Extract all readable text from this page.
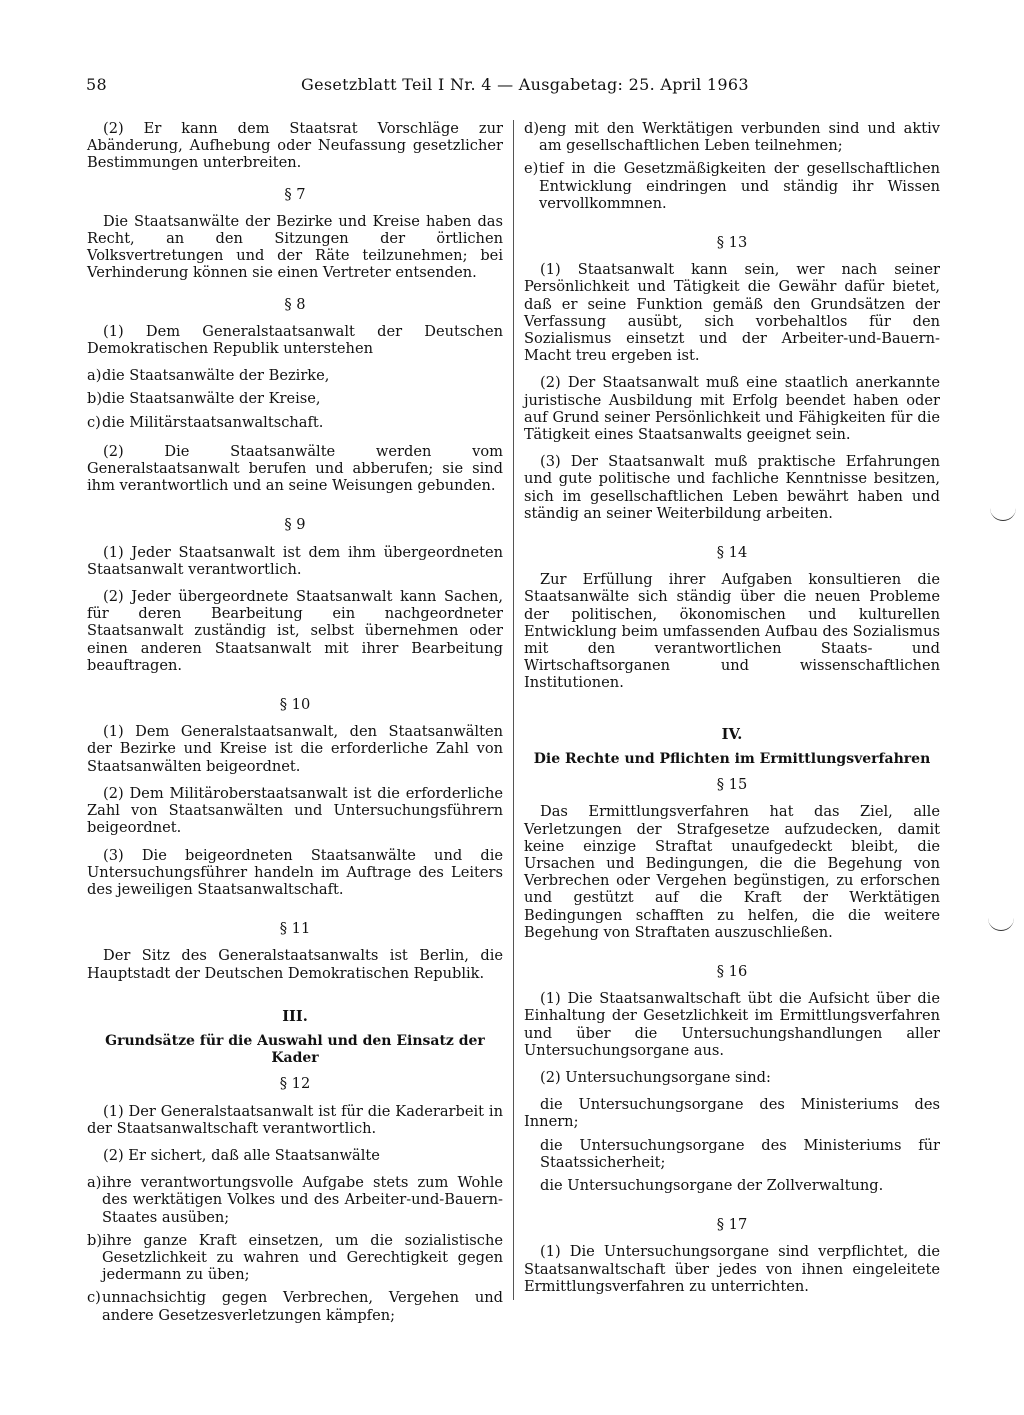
58	Gesetzblatt Teil I Nr. 4 — Ausgabetag: 25. April 1963

(2) Er kann dem Staatsrat Vorschläge zur Abänderung, Aufhebung oder Neufassung gesetzlicher Bestimmungen unterbreiten.

§ 7

Die Staatsanwälte der Bezirke und Kreise haben das Recht, an den Sitzungen der örtlichen Volksvertretungen und der Räte teilzunehmen; bei Verhinderung können sie einen Vertreter entsenden.

§ 8

(1) Dem Generalstaatsanwalt der Deutschen Demokratischen Republik unterstehen

a) die Staatsanwälte der Bezirke,
b) die Staatsanwälte der Kreise,
c) die Militärstaatsanwaltschaft.

(2) Die Staatsanwälte werden vom Generalstaatsanwalt berufen und abberufen; sie sind ihm verantwortlich und an seine Weisungen gebunden.

§ 9

(1) Jeder Staatsanwalt ist dem ihm übergeordneten Staatsanwalt verantwortlich.

(2) Jeder übergeordnete Staatsanwalt kann Sachen, für deren Bearbeitung ein nachgeordneter Staatsanwalt zuständig ist, selbst übernehmen oder einen anderen Staatsanwalt mit ihrer Bearbeitung beauftragen.

§ 10

(1) Dem Generalstaatsanwalt, den Staatsanwälten der Bezirke und Kreise ist die erforderliche Zahl von Staatsanwälten beigeordnet.

(2) Dem Militäroberstaatsanwalt ist die erforderliche Zahl von Staatsanwälten und Untersuchungsführern beigeordnet.

(3) Die beigeordneten Staatsanwälte und die Untersuchungsführer handeln im Auftrage des Leiters des jeweiligen Staatsanwaltschaft.

§ 11

Der Sitz des Generalstaatsanwalts ist Berlin, die Hauptstadt der Deutschen Demokratischen Republik.

III.
Grundsätze für die Auswahl und den Einsatz der Kader
§ 12

(1) Der Generalstaatsanwalt ist für die Kaderarbeit in der Staatsanwaltschaft verantwortlich.

(2) Er sichert, daß alle Staatsanwälte

a) ihre verantwortungsvolle Aufgabe stets zum Wohle des werktätigen Volkes und des Arbeiter-und-Bauern-Staates ausüben;
b) ihre ganze Kraft einsetzen, um die sozialistische Gesetzlichkeit zu wahren und Gerechtigkeit gegen jedermann zu üben;
c) unnachsichtig gegen Verbrechen, Vergehen und andere Gesetzesverletzungen kämpfen;
d) eng mit den Werktätigen verbunden sind und aktiv am gesellschaftlichen Leben teilnehmen;
e) tief in die Gesetzmäßigkeiten der gesellschaftlichen Entwicklung eindringen und ständig ihr Wissen vervollkommnen.
§ 13

(1) Staatsanwalt kann sein, wer nach seiner Persönlichkeit und Tätigkeit die Gewähr dafür bietet, daß er seine Funktion gemäß den Grundsätzen der Verfassung ausübt, sich vorbehaltlos für den Sozialismus einsetzt und der Arbeiter-und-Bauern-Macht treu ergeben ist.

(2) Der Staatsanwalt muß eine staatlich anerkannte juristische Ausbildung mit Erfolg beendet haben oder auf Grund seiner Persönlichkeit und Fähigkeiten für die Tätigkeit eines Staatsanwalts geeignet sein.

(3) Der Staatsanwalt muß praktische Erfahrungen und gute politische und fachliche Kenntnisse besitzen, sich im gesellschaftlichen Leben bewährt haben und ständig an seiner Weiterbildung arbeiten.

§ 14

Zur Erfüllung ihrer Aufgaben konsultieren die Staatsanwälte sich ständig über die neuen Probleme der politischen, ökonomischen und kulturellen Entwicklung beim umfassenden Aufbau des Sozialismus mit den verantwortlichen Staats- und Wirtschaftsorganen und wissenschaftlichen Institutionen.

IV.
Die Rechte und Pflichten im Ermittlungsverfahren
§ 15

Das Ermittlungsverfahren hat das Ziel, alle Verletzungen der Strafgesetze aufzudecken, damit keine einzige Straftat unaufgedeckt bleibt, die Ursachen und Bedingungen, die die Begehung von Verbrechen oder Vergehen begünstigen, zu erforschen und gestützt auf die Kraft der Werktätigen Bedingungen schafften zu helfen, die die weitere Begehung von Straftaten auszuschließen.

§ 16

(1) Die Staatsanwaltschaft übt die Aufsicht über die Einhaltung der Gesetzlichkeit im Ermittlungsverfahren und über die Untersuchungshandlungen aller Untersuchungsorgane aus.

(2) Untersuchungsorgane sind:

die Untersuchungsorgane des Ministeriums des Innern;
die Untersuchungsorgane des Ministeriums für Staatssicherheit;
die Untersuchungsorgane der Zollverwaltung.
§ 17

(1) Die Untersuchungsorgane sind verpflichtet, die Staatsanwaltschaft über jedes von ihnen eingeleitete Ermittlungsverfahren zu unterrichten.
